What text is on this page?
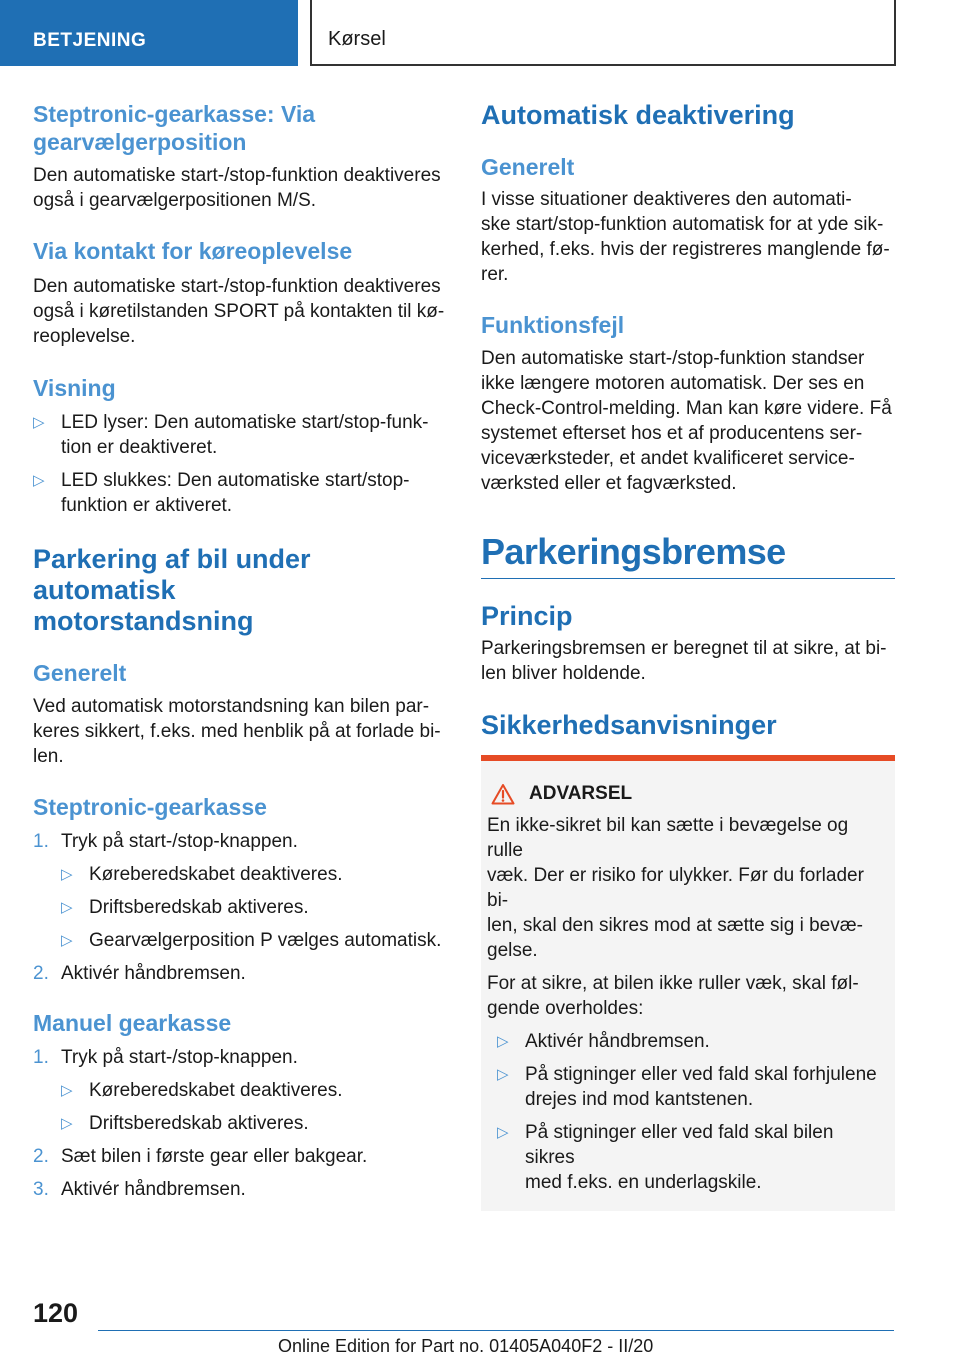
BETJENING	Kørsel
Steptronic-gearkasse: Via
gearvælgerposition

Den automatiske start-/stop-funktion deaktiveres
også i gearvælgerpositionen M/S.

Via kontakt for køreoplevelse

Den automatiske start-/stop-funktion deaktiveres
også i køretilstanden SPORT på kontakten til kø-
reoplevelse.

Visning
▷ LED lyser: Den automatiske start/stop-funk-
tion er deaktiveret.
▷ LED slukkes: Den automatiske start/stop-
funktion er aktiveret.
Parkering af bil under automatisk
motorstandsning
Generelt

Ved automatisk motorstandsning kan bilen par-
keres sikkert, f.eks. med henblik på at forlade bi-
len.

Steptronic-gearkasse
1. Tryk på start-/stop-knappen.
▷ Køreberedskabet deaktiveres.
▷ Driftsberedskab aktiveres.
▷ Gearvælgerposition P vælges automatisk.
2. Aktivér håndbremsen.
Manuel gearkasse
1. Tryk på start-/stop-knappen.
▷ Køreberedskabet deaktiveres.
▷ Driftsberedskab aktiveres.
2. Sæt bilen i første gear eller bakgear.
3. Aktivér håndbremsen.
Automatisk deaktivering
Generelt

I visse situationer deaktiveres den automati-
ske start/stop-funktion automatisk for at yde sik-
kerhed, f.eks. hvis der registreres manglende fø-
rer.

Funktionsfejl

Den automatiske start-/stop-funktion standser
ikke længere motoren automatisk. Der ses en
Check-Control-melding. Man kan køre videre. Få
systemet efterset hos et af producentens ser-
viceværksteder, et andet kvalificeret service-
værksted eller et fagværksted.

Parkeringsbremse
Princip

Parkeringsbremsen er beregnet til at sikre, at bi-
len bliver holdende.

Sikkerhedsanvisninger
ADVARSEL

En ikke-sikret bil kan sætte i bevægelse og rulle
væk. Der er risiko for ulykker. Før du forlader bi-
len, skal den sikres mod at sætte sig i bevæ-
gelse.

For at sikre, at bilen ikke ruller væk, skal føl-
gende overholdes:

▷ Aktivér håndbremsen.
▷ På stigninger eller ved fald skal forhjulene
drejes ind mod kantstenen.
▷ På stigninger eller ved fald skal bilen sikres
med f.eks. en underlagskile.
120
Online Edition for Part no. 01405A040F2 - II/20
